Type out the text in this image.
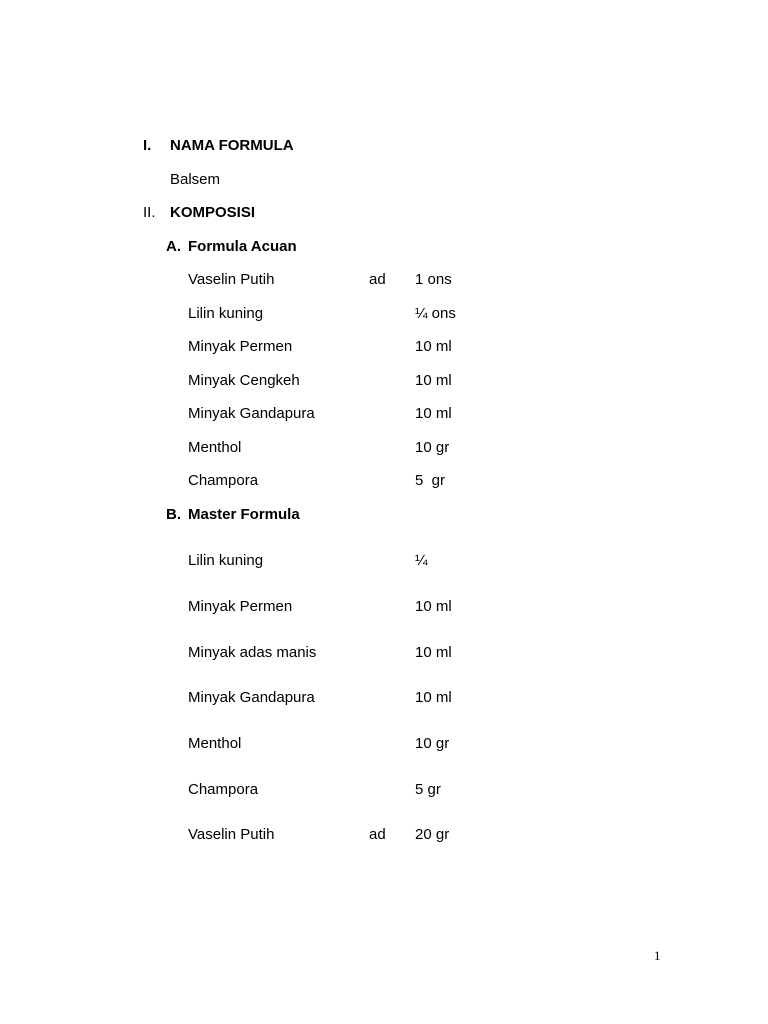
I. NAMA FORMULA
Balsem
II. KOMPOSISI
A. Formula Acuan
Vaselin Putih	ad 1 ons
Lilin kuning	¼ ons
Minyak Permen	10 ml
Minyak Cengkeh	10 ml
Minyak Gandapura	10 ml
Menthol	10 gr
Champora	5  gr
B. Master Formula
Lilin kuning	¼
Minyak Permen	10 ml
Minyak adas manis	10 ml
Minyak Gandapura	10 ml
Menthol	10 gr
Champora	5 gr
Vaselin Putih	ad 20 gr
1
